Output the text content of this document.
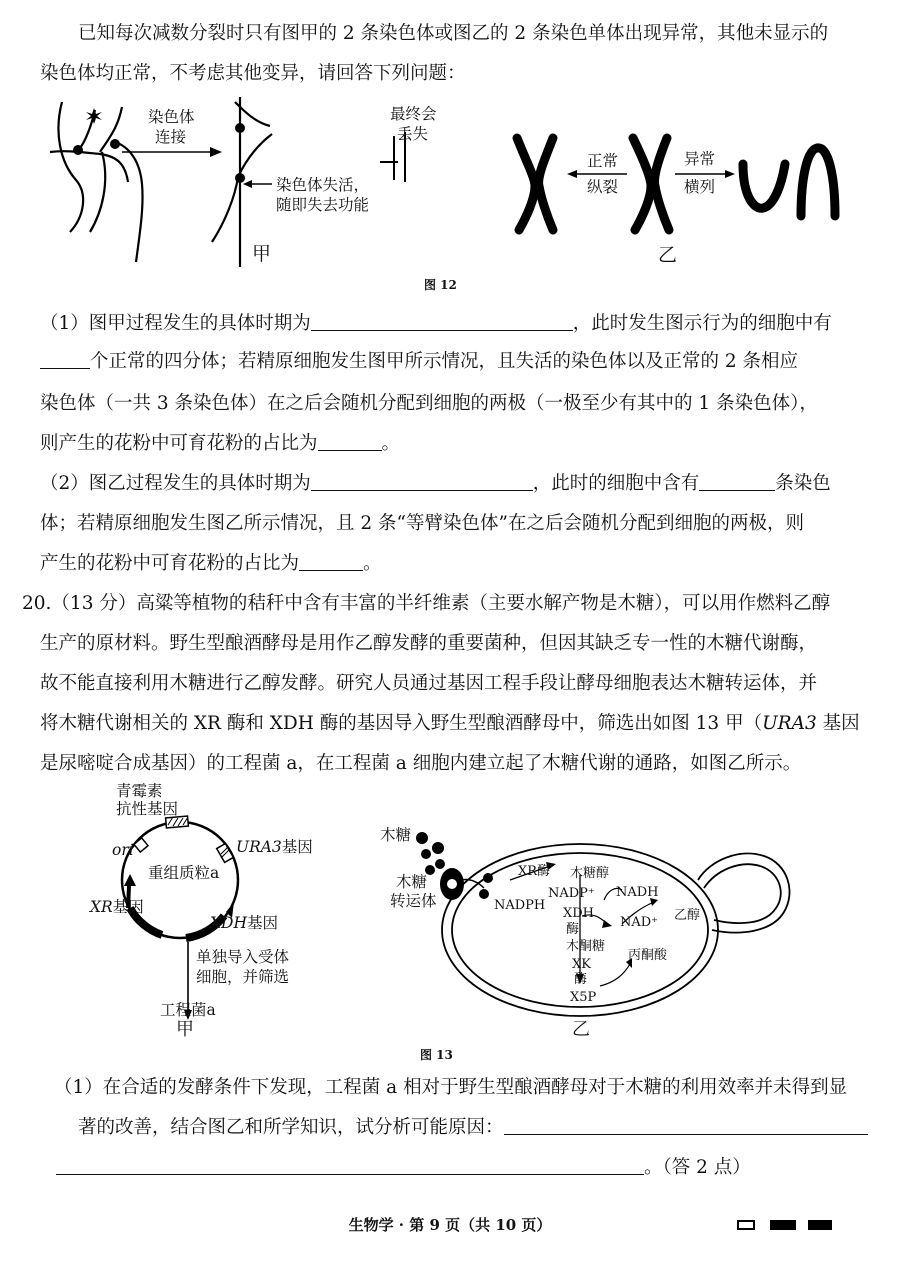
已知每次减数分裂时只有图甲的 2 条染色体或图乙的 2 条染色单体出现异常，其他未显示的
染色体均正常，不考虑其他变异，请回答下列问题：
染色体
连接
最终会
丢失
染色体失活，
随即失去功能
甲
正常
纵裂
异常
横列
乙
图 12
（1）图甲过程发生的具体时期为	，此时发生图示行为的细胞中有
个正常的四分体；若精原细胞发生图甲所示情况，且失活的染色体以及正常的 2 条相应
染色体（一共 3 条染色体）在之后会随机分配到细胞的两极（一极至少有其中的 1 条染色体），
则产生的花粉中可育花粉的占比为	。
（2）图乙过程发生的具体时期为	，此时的细胞中含有	条染色
体；若精原细胞发生图乙所示情况，且 2 条“等臂染色体”在之后会随机分配到细胞的两极，则
产生的花粉中可育花粉的占比为	。
20.（13 分）高粱等植物的秸秆中含有丰富的半纤维素（主要水解产物是木糖），可以用作燃料乙醇
生产的原材料。野生型酿酒酵母是用作乙醇发酵的重要菌种，但因其缺乏专一性的木糖代谢酶，
故不能直接利用木糖进行乙醇发酵。研究人员通过基因工程手段让酵母细胞表达木糖转运体，并
将木糖代谢相关的 XR 酶和 XDH 酶的基因导入野生型酿酒酵母中，筛选出如图 13 甲（URA3 基因
是尿嘧啶合成基因）的工程菌 a，在工程菌 a 细胞内建立起了木糖代谢的通路，如图乙所示。
青霉素
抗性基因
ori	URA3基因
重组质粒a
XR基因
XDH基因
单独导入受体
细胞，并筛选
工程菌a
甲
木糖
木糖
转运体
XR酶 木糖醇
NADPH
NADP⁺ NADH
XDH
酶	NAD⁺ 乙醇
木酮糖
丙酮酸
XK
酶
X5P
乙
图 13
（1）在合适的发酵条件下发现，工程菌 a 相对于野生型酿酒酵母对于木糖的利用效率并未得到显
著的改善，结合图乙和所学知识，试分析可能原因：
。（答 2 点）
生物学 · 第 9 页（共 10 页）
